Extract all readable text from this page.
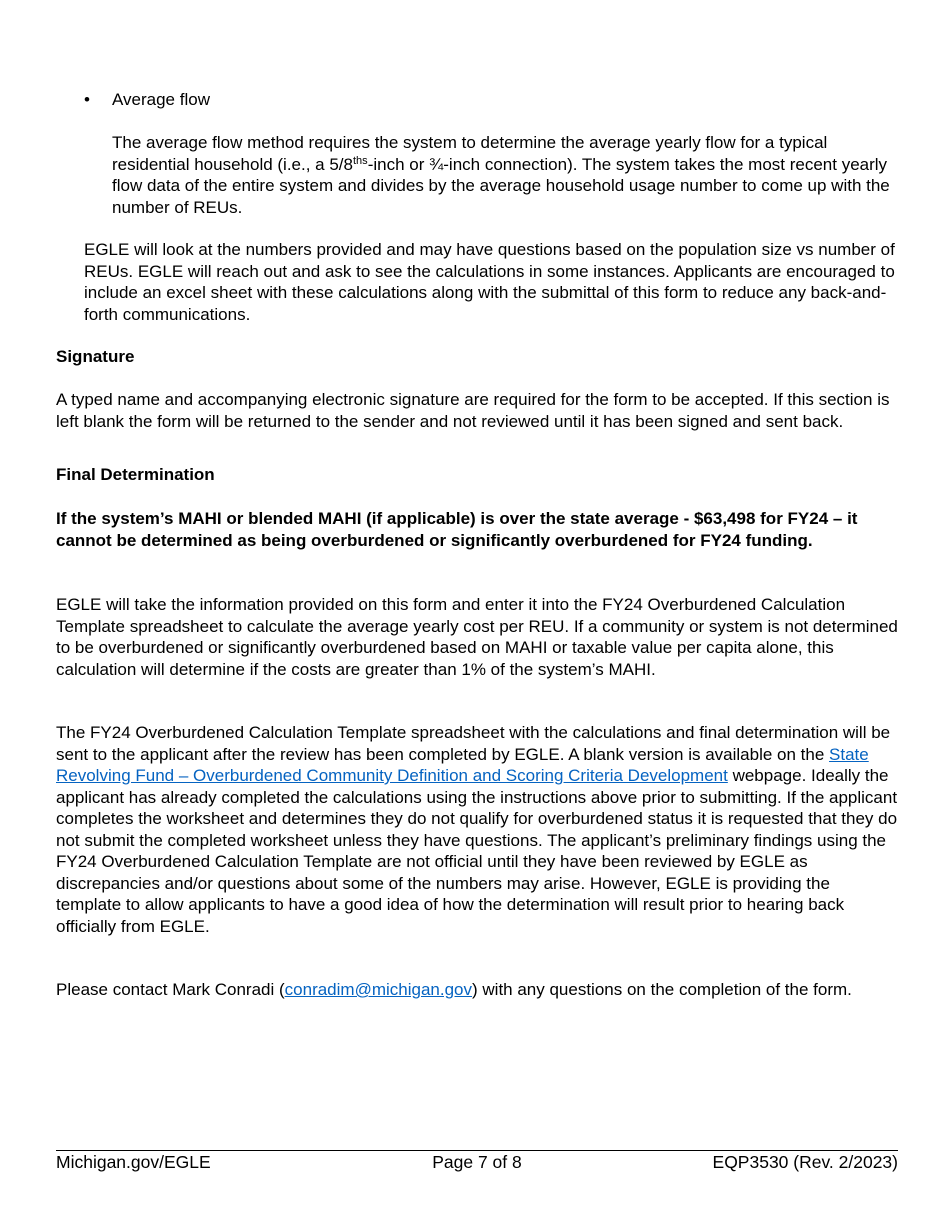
•	Average flow

The average flow method requires the system to determine the average yearly flow for a typical residential household (i.e., a $5/8^{ths}$-inch or ¾-inch connection). The system takes the most recent yearly flow data of the entire system and divides by the average household usage number to come up with the number of REUs.

EGLE will look at the numbers provided and may have questions based on the population size vs number of REUs. EGLE will reach out and ask to see the calculations in some instances. Applicants are encouraged to include an excel sheet with these calculations along with the submittal of this form to reduce any back-and-forth communications.

Signature

A typed name and accompanying electronic signature are required for the form to be accepted. If this section is left blank the form will be returned to the sender and not reviewed until it has been signed and sent back.

Final Determination

If the system’s MAHI or blended MAHI (if applicable) is over the state average - $63,498 for FY24 – it cannot be determined as being overburdened or significantly overburdened for FY24 funding.

EGLE will take the information provided on this form and enter it into the FY24 Overburdened Calculation Template spreadsheet to calculate the average yearly cost per REU. If a community or system is not determined to be overburdened or significantly overburdened based on MAHI or taxable value per capita alone, this calculation will determine if the costs are greater than 1% of the system’s MAHI.

The FY24 Overburdened Calculation Template spreadsheet with the calculations and final determination will be sent to the applicant after the review has been completed by EGLE. A blank version is available on the State Revolving Fund – Overburdened Community Definition and Scoring Criteria Development webpage. Ideally the applicant has already completed the calculations using the instructions above prior to submitting. If the applicant completes the worksheet and determines they do not qualify for overburdened status it is requested that they do not submit the completed worksheet unless they have questions. The applicant’s preliminary findings using the FY24 Overburdened Calculation Template are not official until they have been reviewed by EGLE as discrepancies and/or questions about some of the numbers may arise. However, EGLE is providing the template to allow applicants to have a good idea of how the determination will result prior to hearing back officially from EGLE.

Please contact Mark Conradi (conradim@michigan.gov) with any questions on the completion of the form.

Michigan.gov/EGLE	Page 7 of 8	EQP3530 (Rev. 2/2023)
